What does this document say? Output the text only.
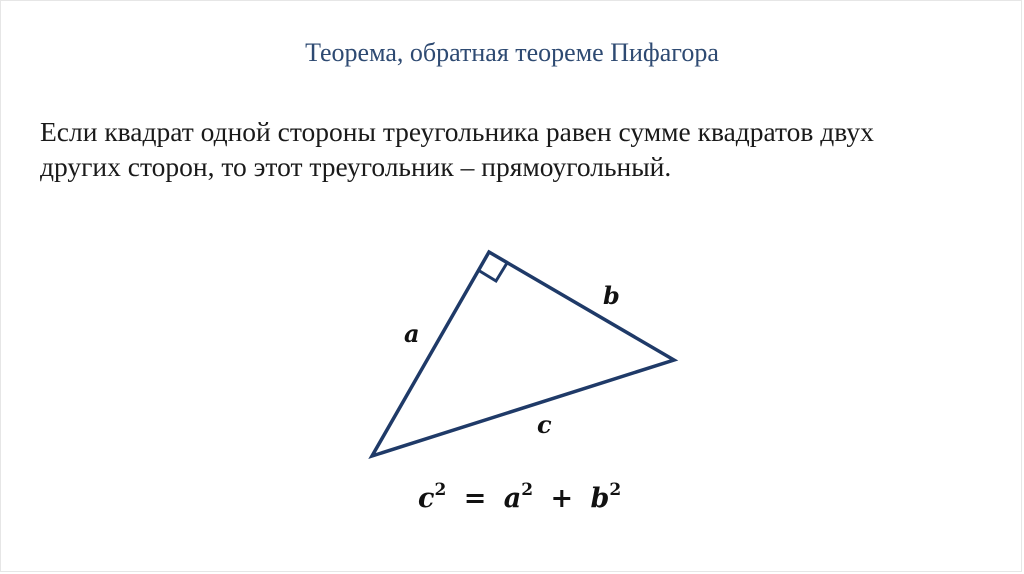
Теорема, обратная теореме Пифагора
Если квадрат одной стороны треугольника равен сумме квадратов двух
других сторон, то этот треугольник – прямоугольный.
a
b
c
$c^2 = a^2 + b^2$
